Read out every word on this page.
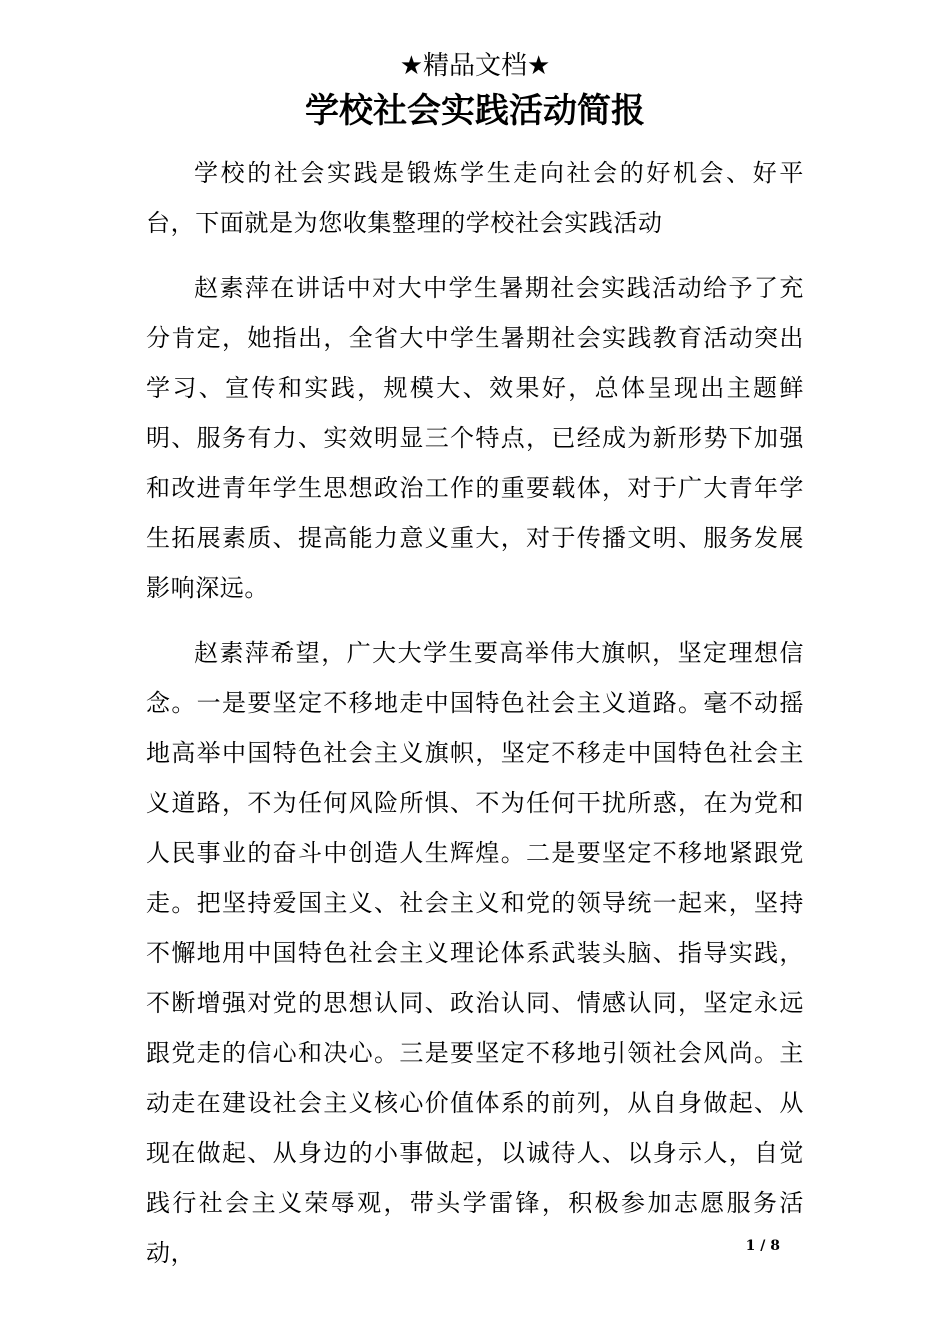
★精品文档★
学校社会实践活动简报

学校的社会实践是锻炼学生走向社会的好机会、好平台，下面就是为您收集整理的学校社会实践活动

赵素萍在讲话中对大中学生暑期社会实践活动给予了充分肯定，她指出，全省大中学生暑期社会实践教育活动突出学习、宣传和实践，规模大、效果好，总体呈现出主题鲜明、服务有力、实效明显三个特点，已经成为新形势下加强和改进青年学生思想政治工作的重要载体，对于广大青年学生拓展素质、提高能力意义重大，对于传播文明、服务发展影响深远。

赵素萍希望，广大大学生要高举伟大旗帜，坚定理想信念。一是要坚定不移地走中国特色社会主义道路。毫不动摇地高举中国特色社会主义旗帜，坚定不移走中国特色社会主义道路，不为任何风险所惧、不为任何干扰所惑，在为党和人民事业的奋斗中创造人生辉煌。二是要坚定不移地紧跟党走。把坚持爱国主义、社会主义和党的领导统一起来，坚持不懈地用中国特色社会主义理论体系武装头脑、指导实践，不断增强对党的思想认同、政治认同、情感认同，坚定永远跟党走的信心和决心。三是要坚定不移地引领社会风尚。主动走在建设社会主义核心价值体系的前列，从自身做起、从现在做起、从身边的小事做起，以诚待人、以身示人，自觉践行社会主义荣辱观，带头学雷锋，积极参加志愿服务活动，	1 / 8
